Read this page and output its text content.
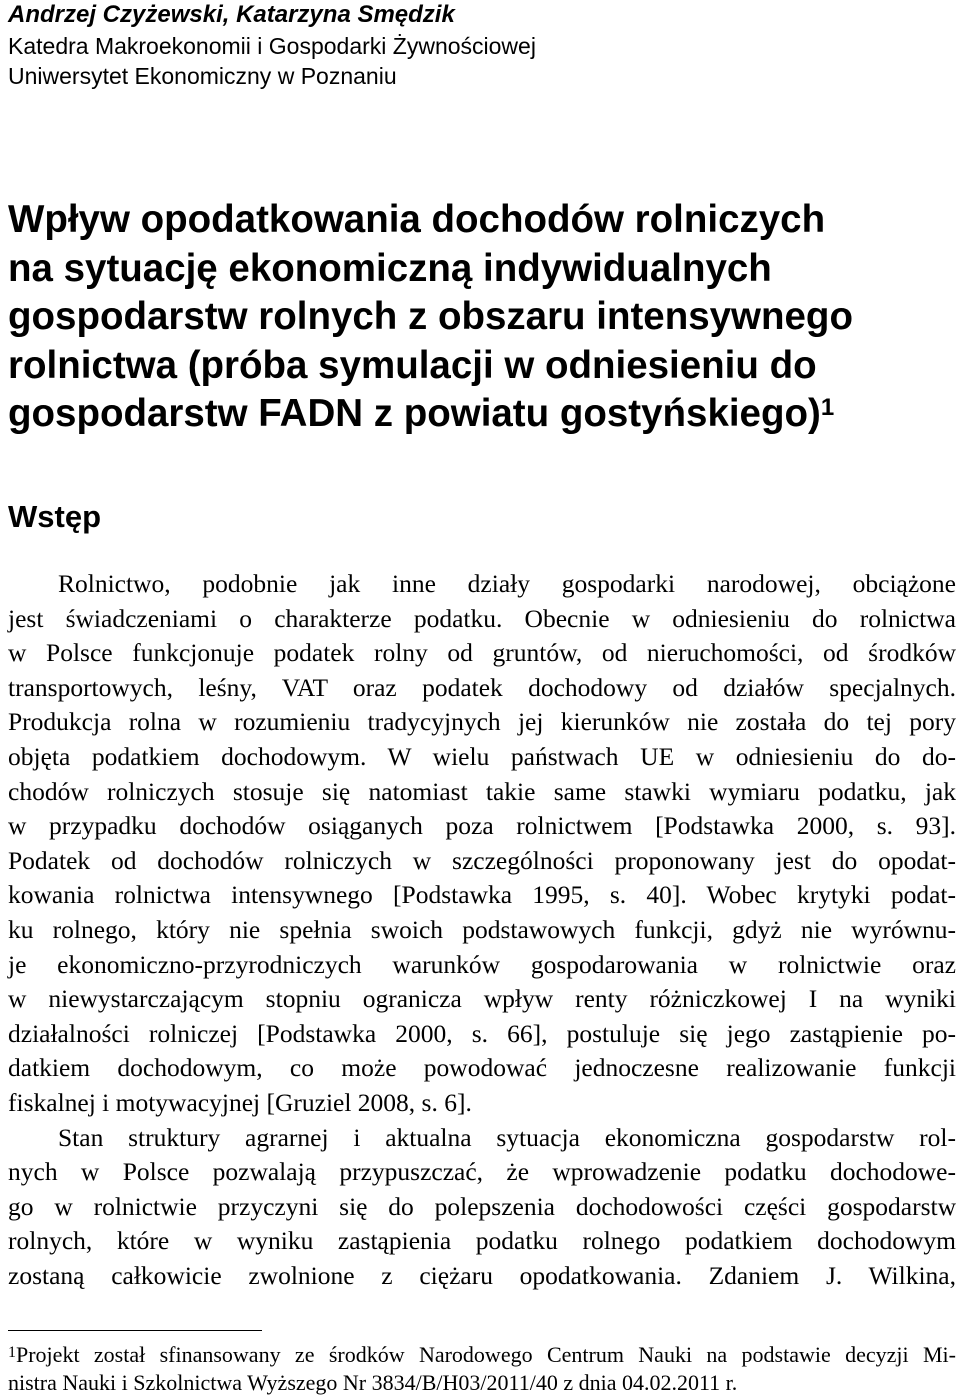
Andrzej Czyżewski, Katarzyna Smędzik
Katedra Makroekonomii i Gospodarki Żywnościowej
Uniwersytet Ekonomiczny w Poznaniu
Wpływ opodatkowania dochodów rolniczych
na sytuację ekonomiczną indywidualnych
gospodarstw rolnych z obszaru intensywnego
rolnictwa (próba symulacji w odniesieniu do
gospodarstw FADN z powiatu gostyńskiego)$^1$
Wstęp
Rolnictwo, podobnie jak inne działy gospodarki narodowej, obciążone
jest świadczeniami o charakterze podatku. Obecnie w odniesieniu do rolnictwa
w Polsce funkcjonuje podatek rolny od gruntów, od nieruchomości, od środków
transportowych, leśny, VAT oraz podatek dochodowy od działów specjalnych.
Produkcja rolna w rozumieniu tradycyjnych jej kierunków nie została do tej pory
objęta podatkiem dochodowym. W wielu państwach UE w odniesieniu do do-
chodów rolniczych stosuje się natomiast takie same stawki wymiaru podatku, jak
w przypadku dochodów osiąganych poza rolnictwem [Podstawka 2000, s. 93].
Podatek od dochodów rolniczych w szczególności proponowany jest do opodat-
kowania rolnictwa intensywnego [Podstawka 1995, s. 40]. Wobec krytyki podat-
ku rolnego, który nie spełnia swoich podstawowych funkcji, gdyż nie wyrównu-
je ekonomiczno-przyrodniczych warunków gospodarowania w rolnictwie oraz
w niewystarczającym stopniu ogranicza wpływ renty różniczkowej I na wyniki
działalności rolniczej [Podstawka 2000, s. 66], postuluje się jego zastąpienie po-
datkiem dochodowym, co może powodować jednoczesne realizowanie funkcji
fiskalnej i motywacyjnej [Gruziel 2008, s. 6].
Stan struktury agrarnej i aktualna sytuacja ekonomiczna gospodarstw rol-
nych w Polsce pozwalają przypuszczać, że wprowadzenie podatku dochodowe-
go w rolnictwie przyczyni się do polepszenia dochodowości części gospodarstw
rolnych, które w wyniku zastąpienia podatku rolnego podatkiem dochodowym
zostaną całkowicie zwolnione z ciężaru opodatkowania. Zdaniem J. Wilkina,
$^1$Projekt został sfinansowany ze środków Narodowego Centrum Nauki na podstawie decyzji Mi-
nistra Nauki i Szkolnictwa Wyższego Nr 3834/B/H03/2011/40 z dnia 04.02.2011 r.
